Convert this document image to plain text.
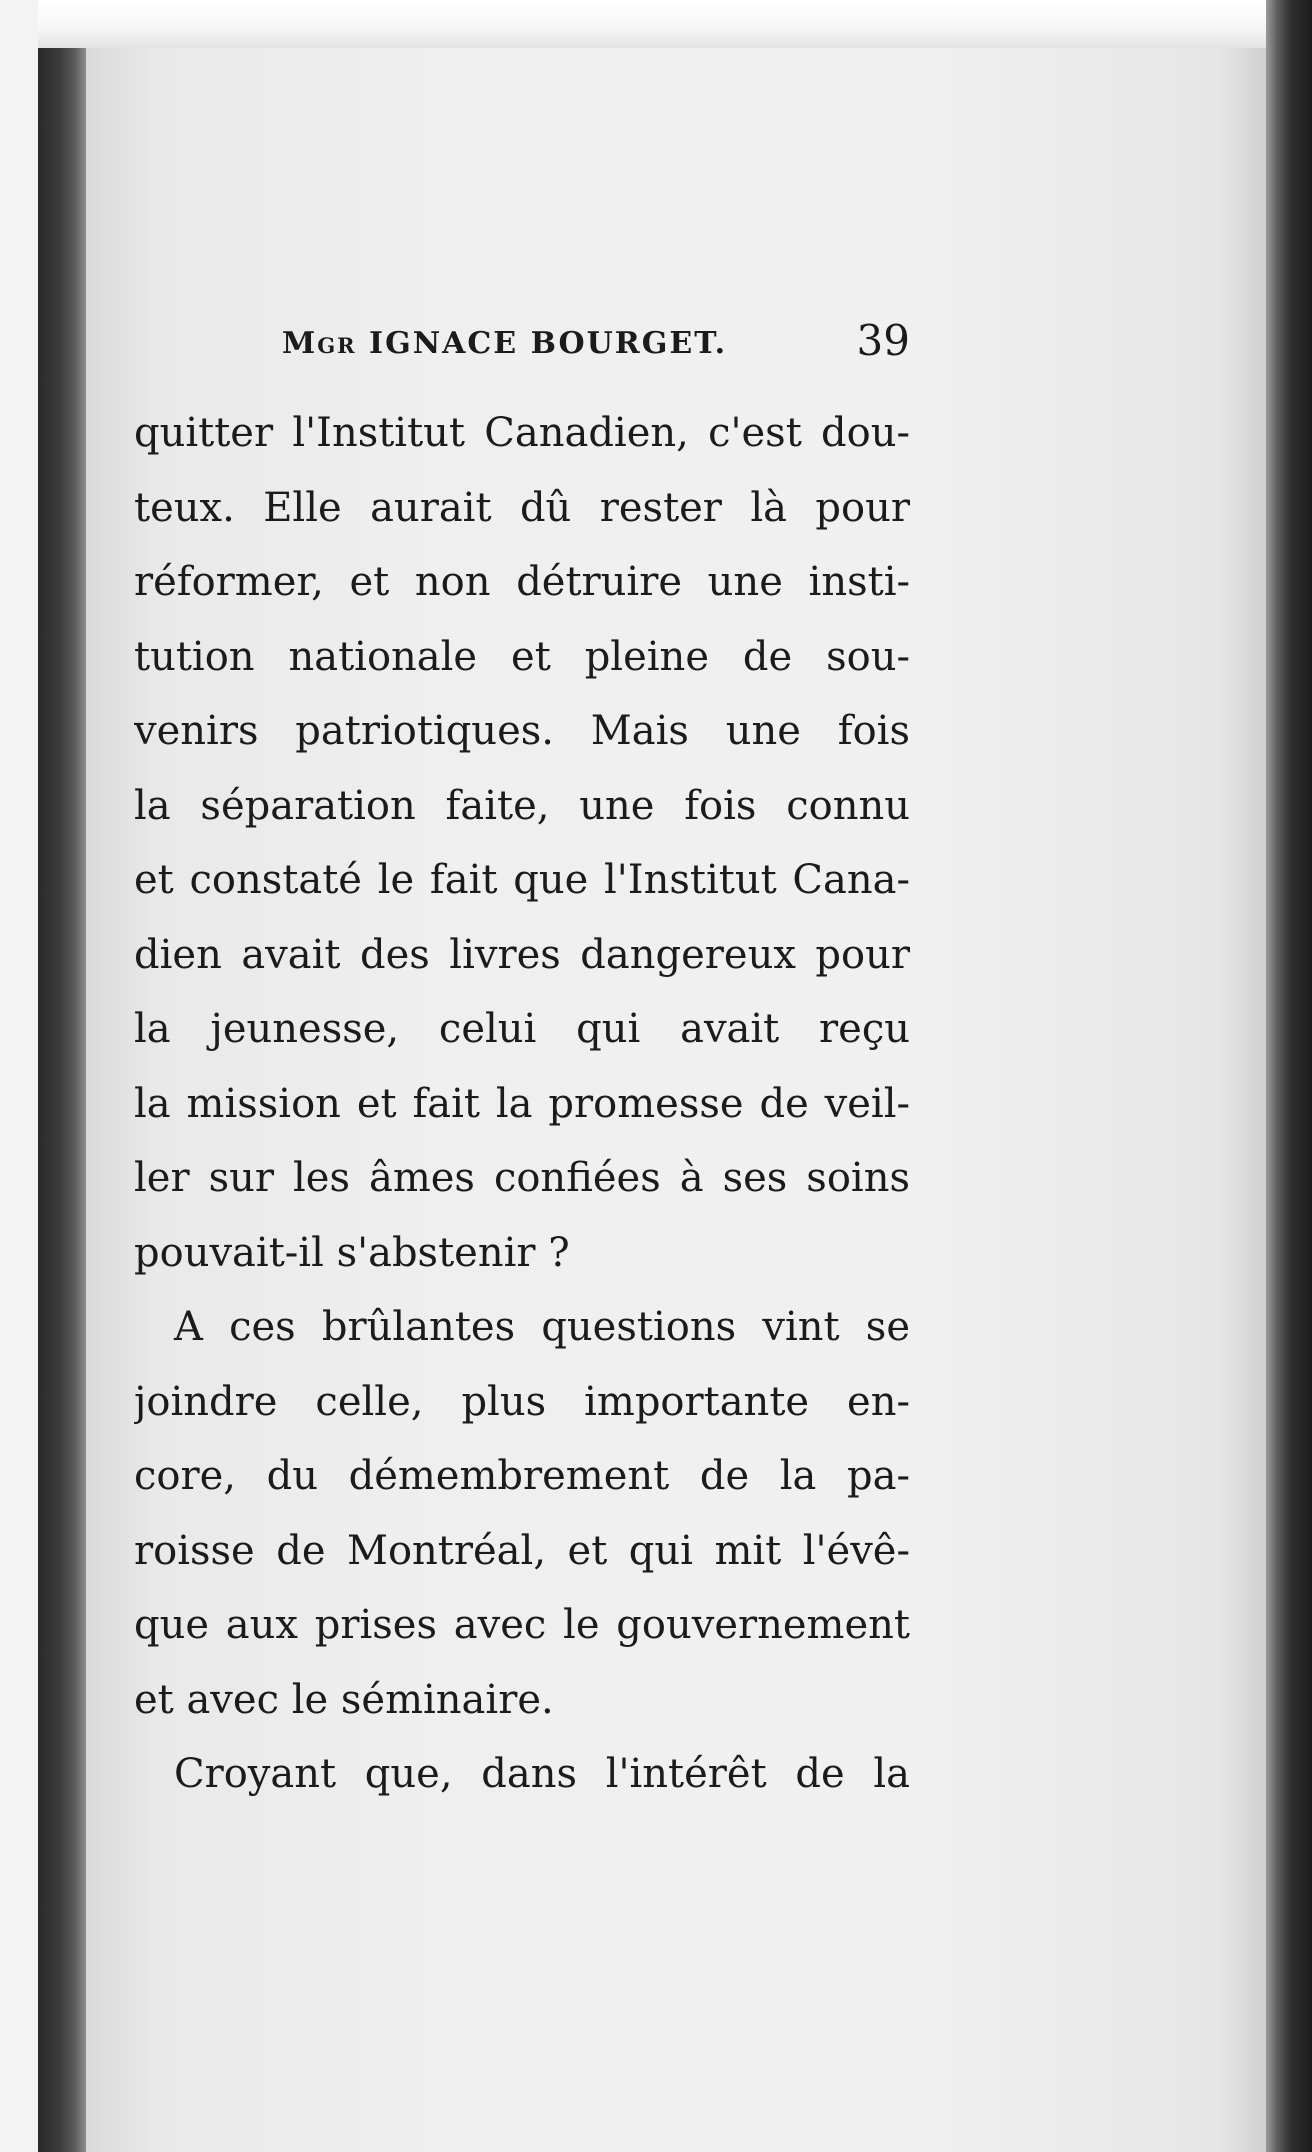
Mgr IGNACE BOURGET.	39
quitter l'Institut Canadien, c'est dou-
teux. Elle aurait dû rester là pour
réformer, et non détruire une insti-
tution nationale et pleine de sou-
venirs patriotiques. Mais une fois
la séparation faite, une fois connu
et constaté le fait que l'Institut Cana-
dien avait des livres dangereux pour
la jeunesse, celui qui avait reçu
la mission et fait la promesse de veil-
ler sur les âmes confiées à ses soins
pouvait-il s'abstenir ?
A ces brûlantes questions vint se
joindre celle, plus importante en-
core, du démembrement de la pa-
roisse de Montréal, et qui mit l'évê-
que aux prises avec le gouvernement
et avec le séminaire.
Croyant que, dans l'intérêt de la
